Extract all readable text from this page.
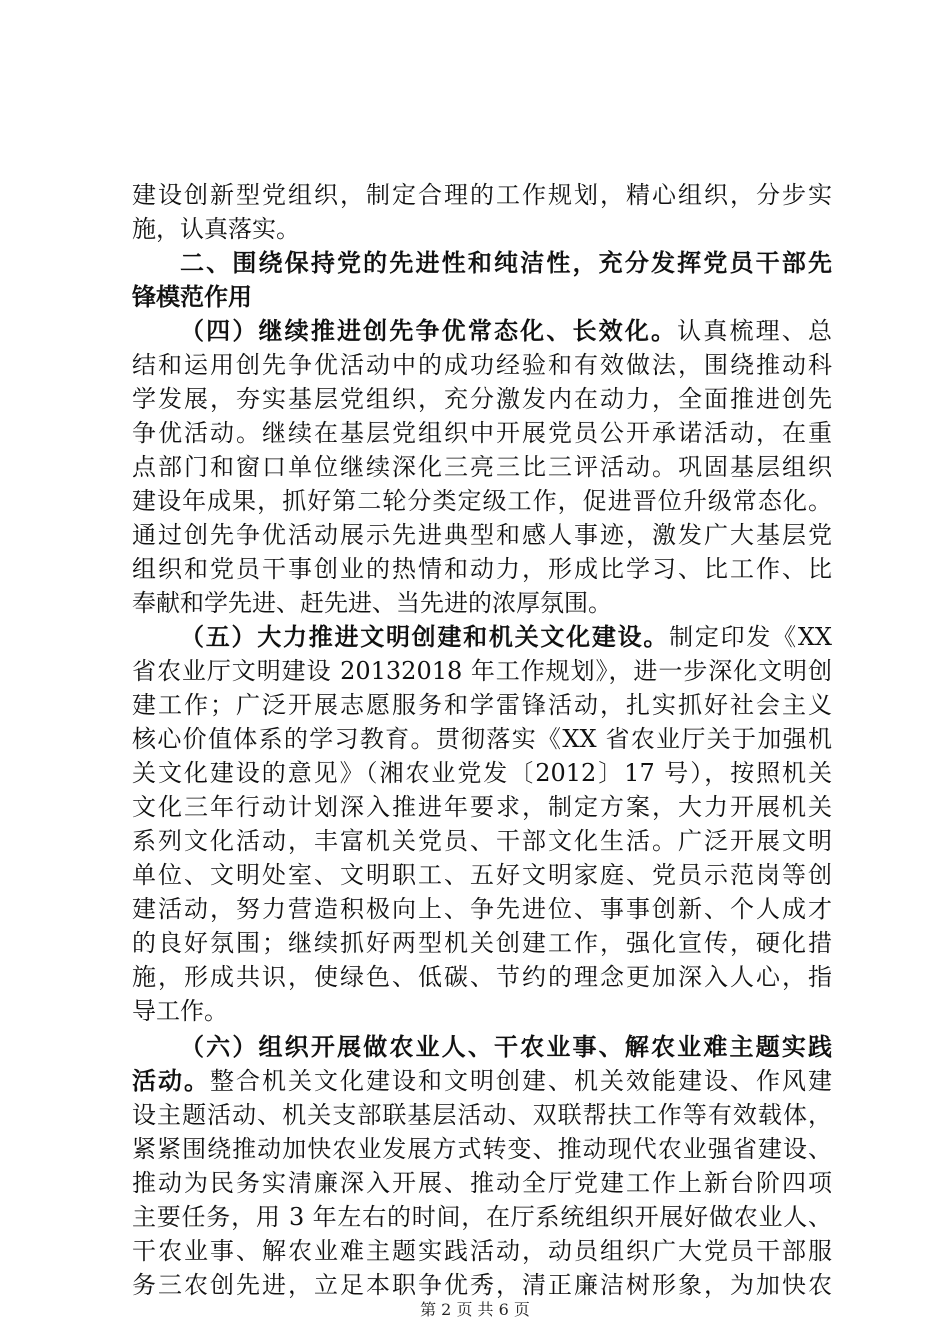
建设创新型党组织，制定合理的工作规划，精心组织，分步实
施，认真落实。
二、围绕保持党的先进性和纯洁性，充分发挥党员干部先
锋模范作用
（四）继续推进创先争优常态化、长效化。认真梳理、总
结和运用创先争优活动中的成功经验和有效做法，围绕推动科
学发展，夯实基层党组织，充分激发内在动力，全面推进创先
争优活动。继续在基层党组织中开展党员公开承诺活动，在重
点部门和窗口单位继续深化三亮三比三评活动。巩固基层组织
建设年成果，抓好第二轮分类定级工作，促进晋位升级常态化。
通过创先争优活动展示先进典型和感人事迹，激发广大基层党
组织和党员干事创业的热情和动力，形成比学习、比工作、比
奉献和学先进、赶先进、当先进的浓厚氛围。
（五）大力推进文明创建和机关文化建设。制定印发《XX
省农业厅文明建设 20132018 年工作规划》，进一步深化文明创
建工作；广泛开展志愿服务和学雷锋活动，扎实抓好社会主义
核心价值体系的学习教育。贯彻落实《XX 省农业厅关于加强机
关文化建设的意见》（湘农业党发〔2012〕17 号），按照机关
文化三年行动计划深入推进年要求，制定方案，大力开展机关
系列文化活动，丰富机关党员、干部文化生活。广泛开展文明
单位、文明处室、文明职工、五好文明家庭、党员示范岗等创
建活动，努力营造积极向上、争先进位、事事创新、个人成才
的良好氛围；继续抓好两型机关创建工作，强化宣传，硬化措
施，形成共识，使绿色、低碳、节约的理念更加深入人心，指
导工作。
（六）组织开展做农业人、干农业事、解农业难主题实践
活动。整合机关文化建设和文明创建、机关效能建设、作风建
设主题活动、机关支部联基层活动、双联帮扶工作等有效载体，
紧紧围绕推动加快农业发展方式转变、推动现代农业强省建设、
推动为民务实清廉深入开展、推动全厅党建工作上新台阶四项
主要任务，用 3 年左右的时间，在厅系统组织开展好做农业人、
干农业事、解农业难主题实践活动，动员组织广大党员干部服
务三农创先进，立足本职争优秀，清正廉洁树形象，为加快农
第 2 页 共 6 页
